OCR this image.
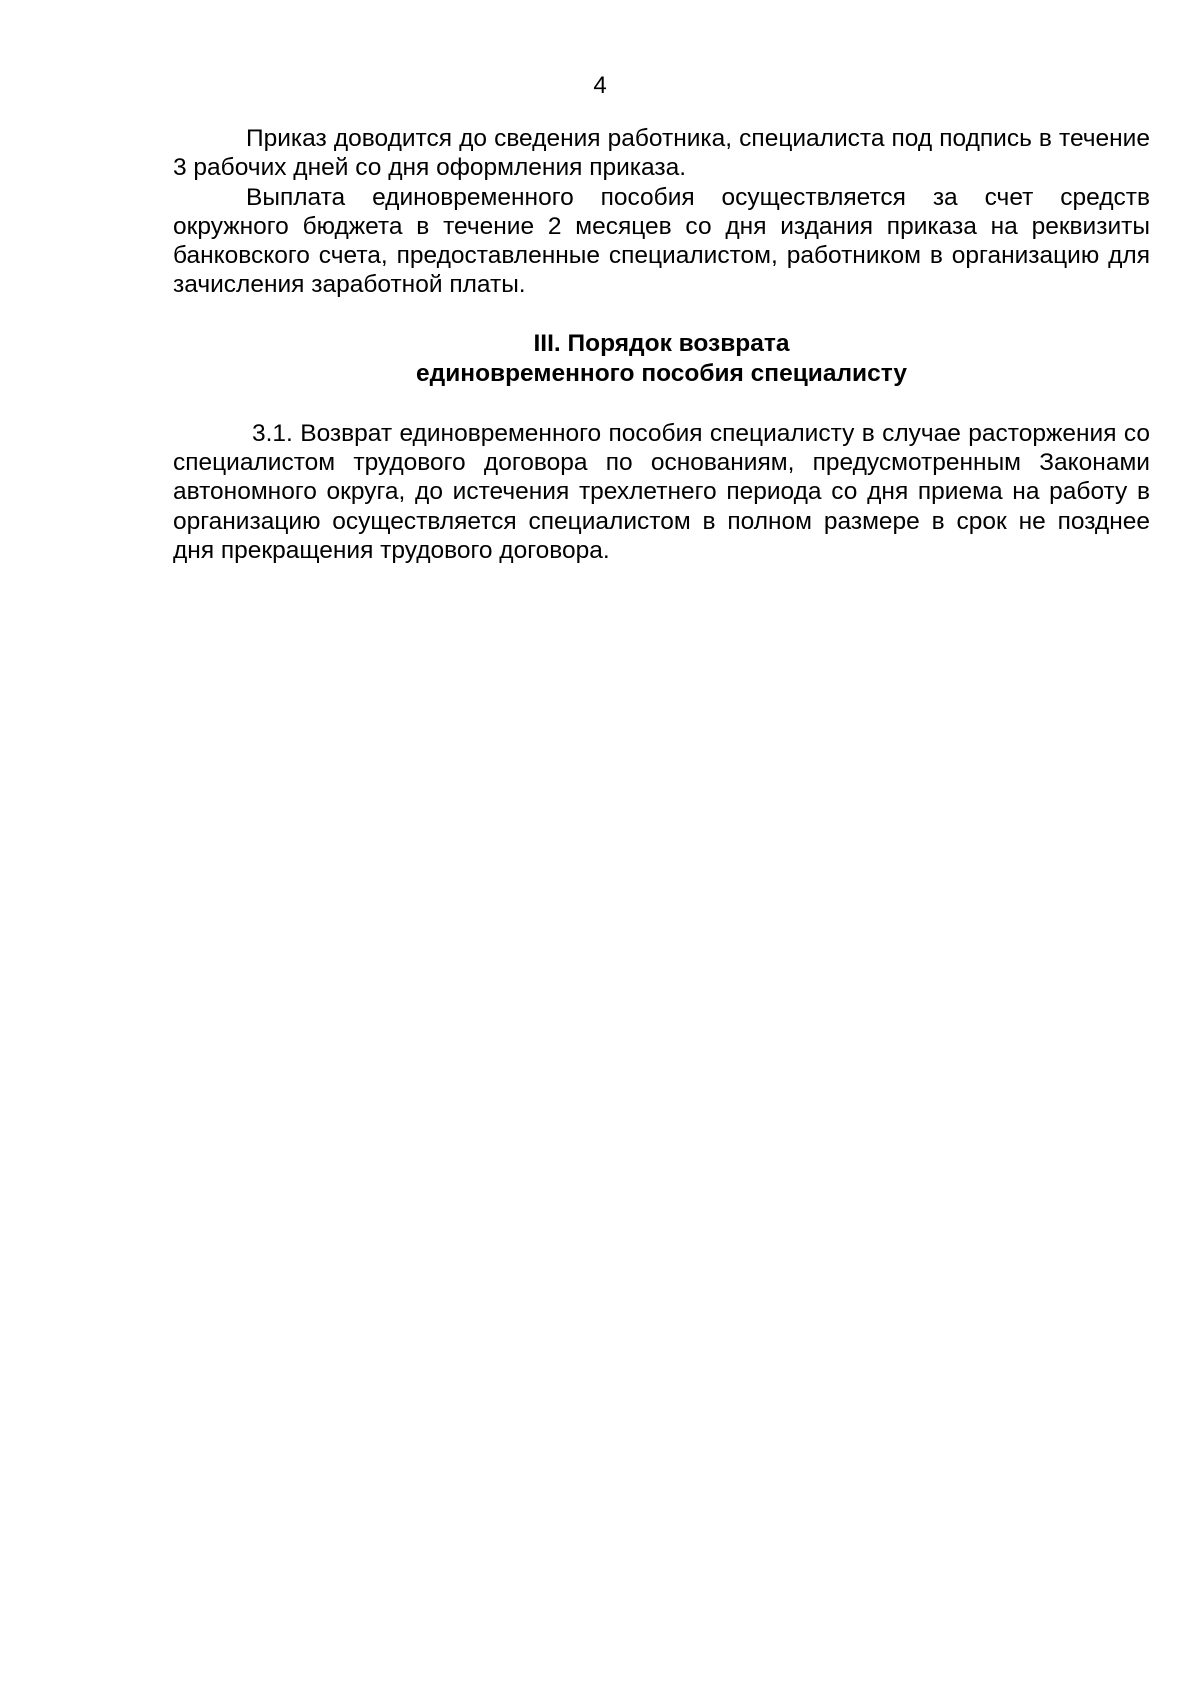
4

Приказ доводится до сведения работника, специалиста под подпись в течение 3 рабочих дней со дня оформления приказа.

Выплата единовременного пособия осуществляется за счет средств окружного бюджета в течение 2 месяцев со дня издания приказа на реквизиты банковского счета, предоставленные специалистом, работником в организацию для зачисления заработной платы.

III. Порядок возврата
единовременного пособия специалисту

3.1. Возврат единовременного пособия специалисту в случае расторжения со специалистом трудового договора по основаниям, предусмотренным Законами автономного округа, до истечения трехлетнего периода со дня приема на работу в организацию осуществляется специалистом в полном размере в срок не позднее дня прекращения трудового договора.
